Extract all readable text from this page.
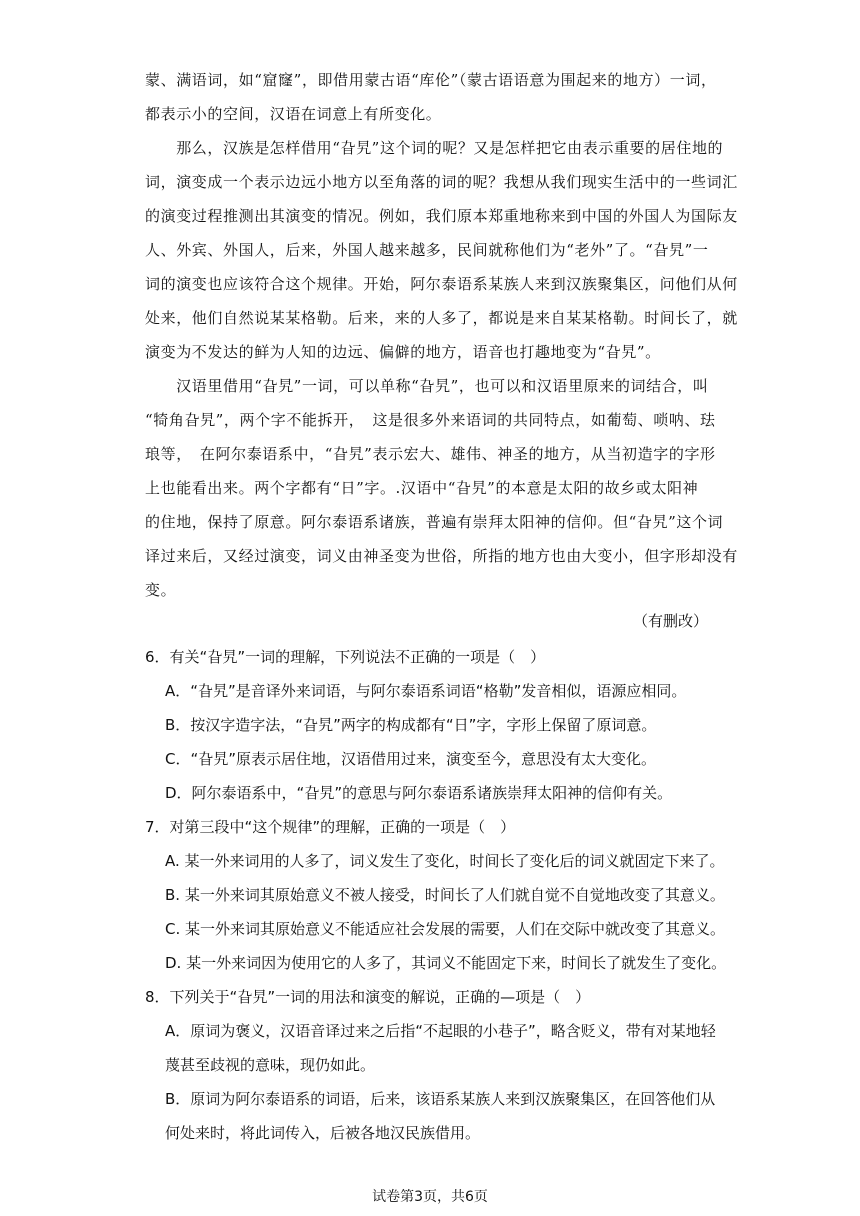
蒙、满语词，如“窟窿”，即借用蒙古语“库伦”（蒙古语语意为围起来的地方）一词，
都表示小的空间，汉语在词意上有所变化。
　　那么，汉族是怎样借用“旮旯”这个词的呢？又是怎样把它由表示重要的居住地的
词，演变成一个表示边远小地方以至角落的词的呢？我想从我们现实生活中的一些词汇
的演变过程推测出其演变的情况。例如，我们原本郑重地称来到中国的外国人为国际友
人、外宾、外国人，后来，外国人越来越多，民间就称他们为“老外”了。“旮旯”一
词的演变也应该符合这个规律。开始，阿尔泰语系某族人来到汉族聚集区，问他们从何
处来，他们自然说某某格勒。后来，来的人多了，都说是来自某某格勒。时间长了，就
演变为不发达的鲜为人知的边远、偏僻的地方，语音也打趣地变为“旮旯”。
　　汉语里借用“旮旯”一词，可以单称“旮旯”，也可以和汉语里原来的词结合，叫
“犄角旮旯”，两个字不能拆开，　这是很多外来语词的共同特点，如葡萄、唢呐、珐
琅等，　在阿尔泰语系中，“旮旯”表示宏大、雄伟、神圣的地方，从当初造字的字形
上也能看出来。两个字都有“日”字。.汉语中“旮旯”的本意是太阳的故乡或太阳神
的住地，保持了原意。阿尔泰语系诸族，普遍有崇拜太阳神的信仰。但“旮旯”这个词
译过来后，又经过演变，词义由神圣变为世俗，所指的地方也由大变小，但字形却没有
变。
（有删改）
6．有关“旮旯”一词的理解，下列说法不正确的一项是（　）
A．“旮旯”是音译外来词语，与阿尔泰语系词语“格勒”发音相似，语源应相同。
B．按汉字造字法，“旮旯”两字的构成都有“日”字，字形上保留了原词意。
C．“旮旯”原表示居住地，汉语借用过来，演变至今，意思没有太大变化。
D．阿尔泰语系中，“旮旯”的意思与阿尔泰语系诸族崇拜太阳神的信仰有关。
7．对第三段中“这个规律”的理解，正确的一项是（　）
A. 某一外来词用的人多了，词义发生了变化，时间长了变化后的词义就固定下来了。
B. 某一外来词其原始意义不被人接受，时间长了人们就自觉不自觉地改变了其意义。
C. 某一外来词其原始意义不能适应社会发展的需要，人们在交际中就改变了其意义。
D. 某一外来词因为使用它的人多了，其词义不能固定下来，时间长了就发生了变化。
8．下列关于“旮旯”一词的用法和演变的解说，正确的—项是（　）
A．原词为褒义，汉语音译过来之后指“不起眼的小巷子”，略含贬义，带有对某地轻
蔑甚至歧视的意味，现仍如此。
B．原词为阿尔泰语系的词语，后来，该语系某族人来到汉族聚集区，在回答他们从
何处来时，将此词传入，后被各地汉民族借用。
试卷第3页，共6页
